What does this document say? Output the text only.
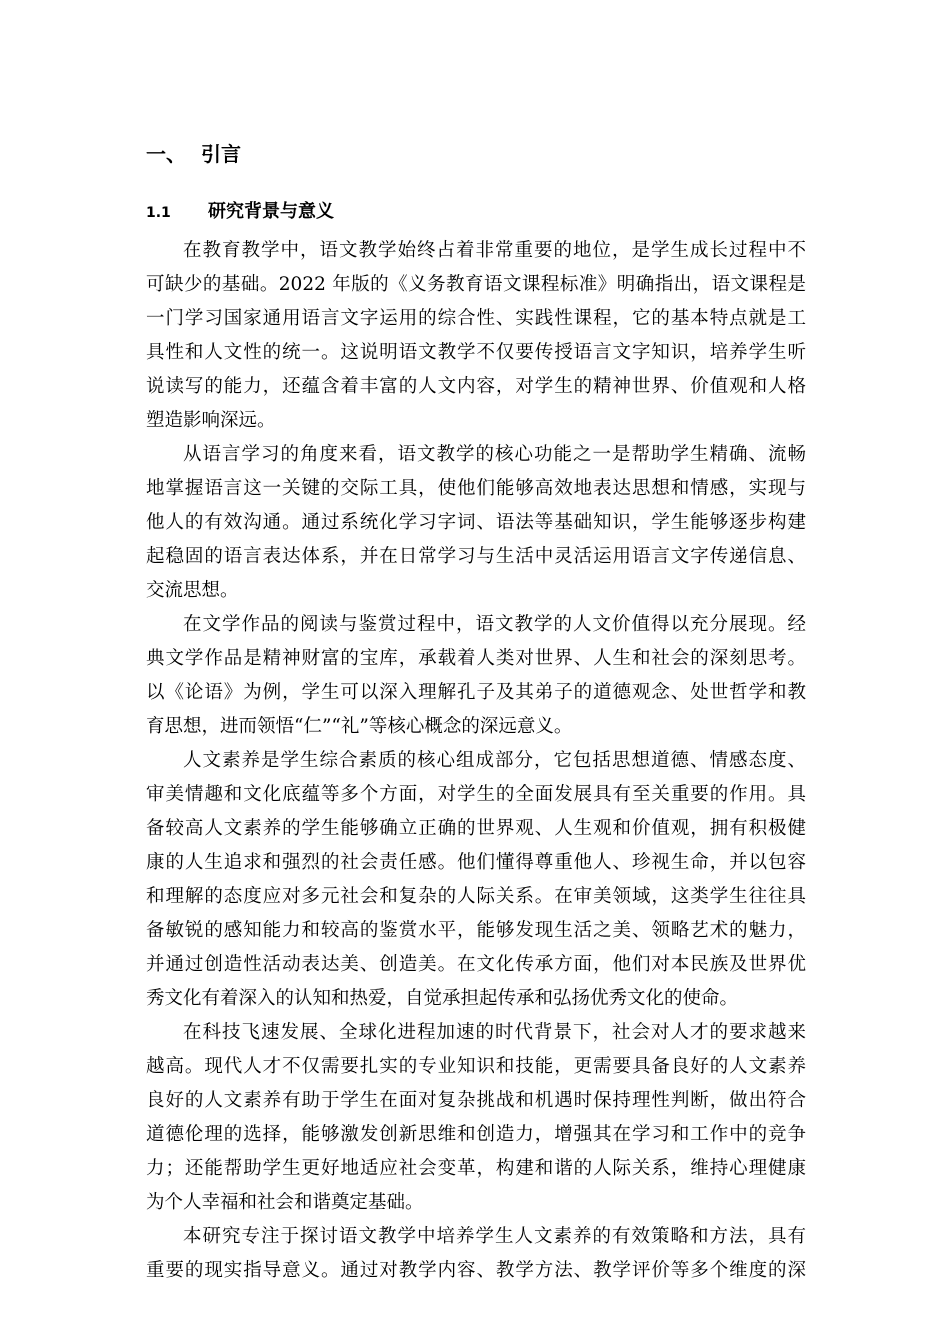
一、 引言
1.1 研究背景与意义
在教育教学中，语文教学始终占着非常重要的地位，是学生成长过程中不
可缺少的基础。2022 年版的《义务教育语文课程标准》明确指出，语文课程是
一门学习国家通用语言文字运用的综合性、实践性课程，它的基本特点就是工
具性和人文性的统一。这说明语文教学不仅要传授语言文字知识，培养学生听
说读写的能力，还蕴含着丰富的人文内容，对学生的精神世界、价值观和人格
塑造影响深远。
从语言学习的角度来看，语文教学的核心功能之一是帮助学生精确、流畅
地掌握语言这一关键的交际工具，使他们能够高效地表达思想和情感，实现与
他人的有效沟通。通过系统化学习字词、语法等基础知识，学生能够逐步构建
起稳固的语言表达体系，并在日常学习与生活中灵活运用语言文字传递信息、
交流思想。
在文学作品的阅读与鉴赏过程中，语文教学的人文价值得以充分展现。经
典文学作品是精神财富的宝库，承载着人类对世界、人生和社会的深刻思考。
以《论语》为例，学生可以深入理解孔子及其弟子的道德观念、处世哲学和教
育思想，进而领悟“仁”“礼”等核心概念的深远意义。
人文素养是学生综合素质的核心组成部分，它包括思想道德、情感态度、
审美情趣和文化底蕴等多个方面，对学生的全面发展具有至关重要的作用。具
备较高人文素养的学生能够确立正确的世界观、人生观和价值观，拥有积极健
康的人生追求和强烈的社会责任感。他们懂得尊重他人、珍视生命，并以包容
和理解的态度应对多元社会和复杂的人际关系。在审美领域，这类学生往往具
备敏锐的感知能力和较高的鉴赏水平，能够发现生活之美、领略艺术的魅力，
并通过创造性活动表达美、创造美。在文化传承方面，他们对本民族及世界优
秀文化有着深入的认知和热爱，自觉承担起传承和弘扬优秀文化的使命。
在科技飞速发展、全球化进程加速的时代背景下，社会对人才的要求越来
越高。现代人才不仅需要扎实的专业知识和技能，更需要具备良好的人文素养
良好的人文素养有助于学生在面对复杂挑战和机遇时保持理性判断，做出符合
道德伦理的选择，能够激发创新思维和创造力，增强其在学习和工作中的竞争
力；还能帮助学生更好地适应社会变革，构建和谐的人际关系，维持心理健康
为个人幸福和社会和谐奠定基础。
本研究专注于探讨语文教学中培养学生人文素养的有效策略和方法，具有
重要的现实指导意义。通过对教学内容、教学方法、教学评价等多个维度的深
